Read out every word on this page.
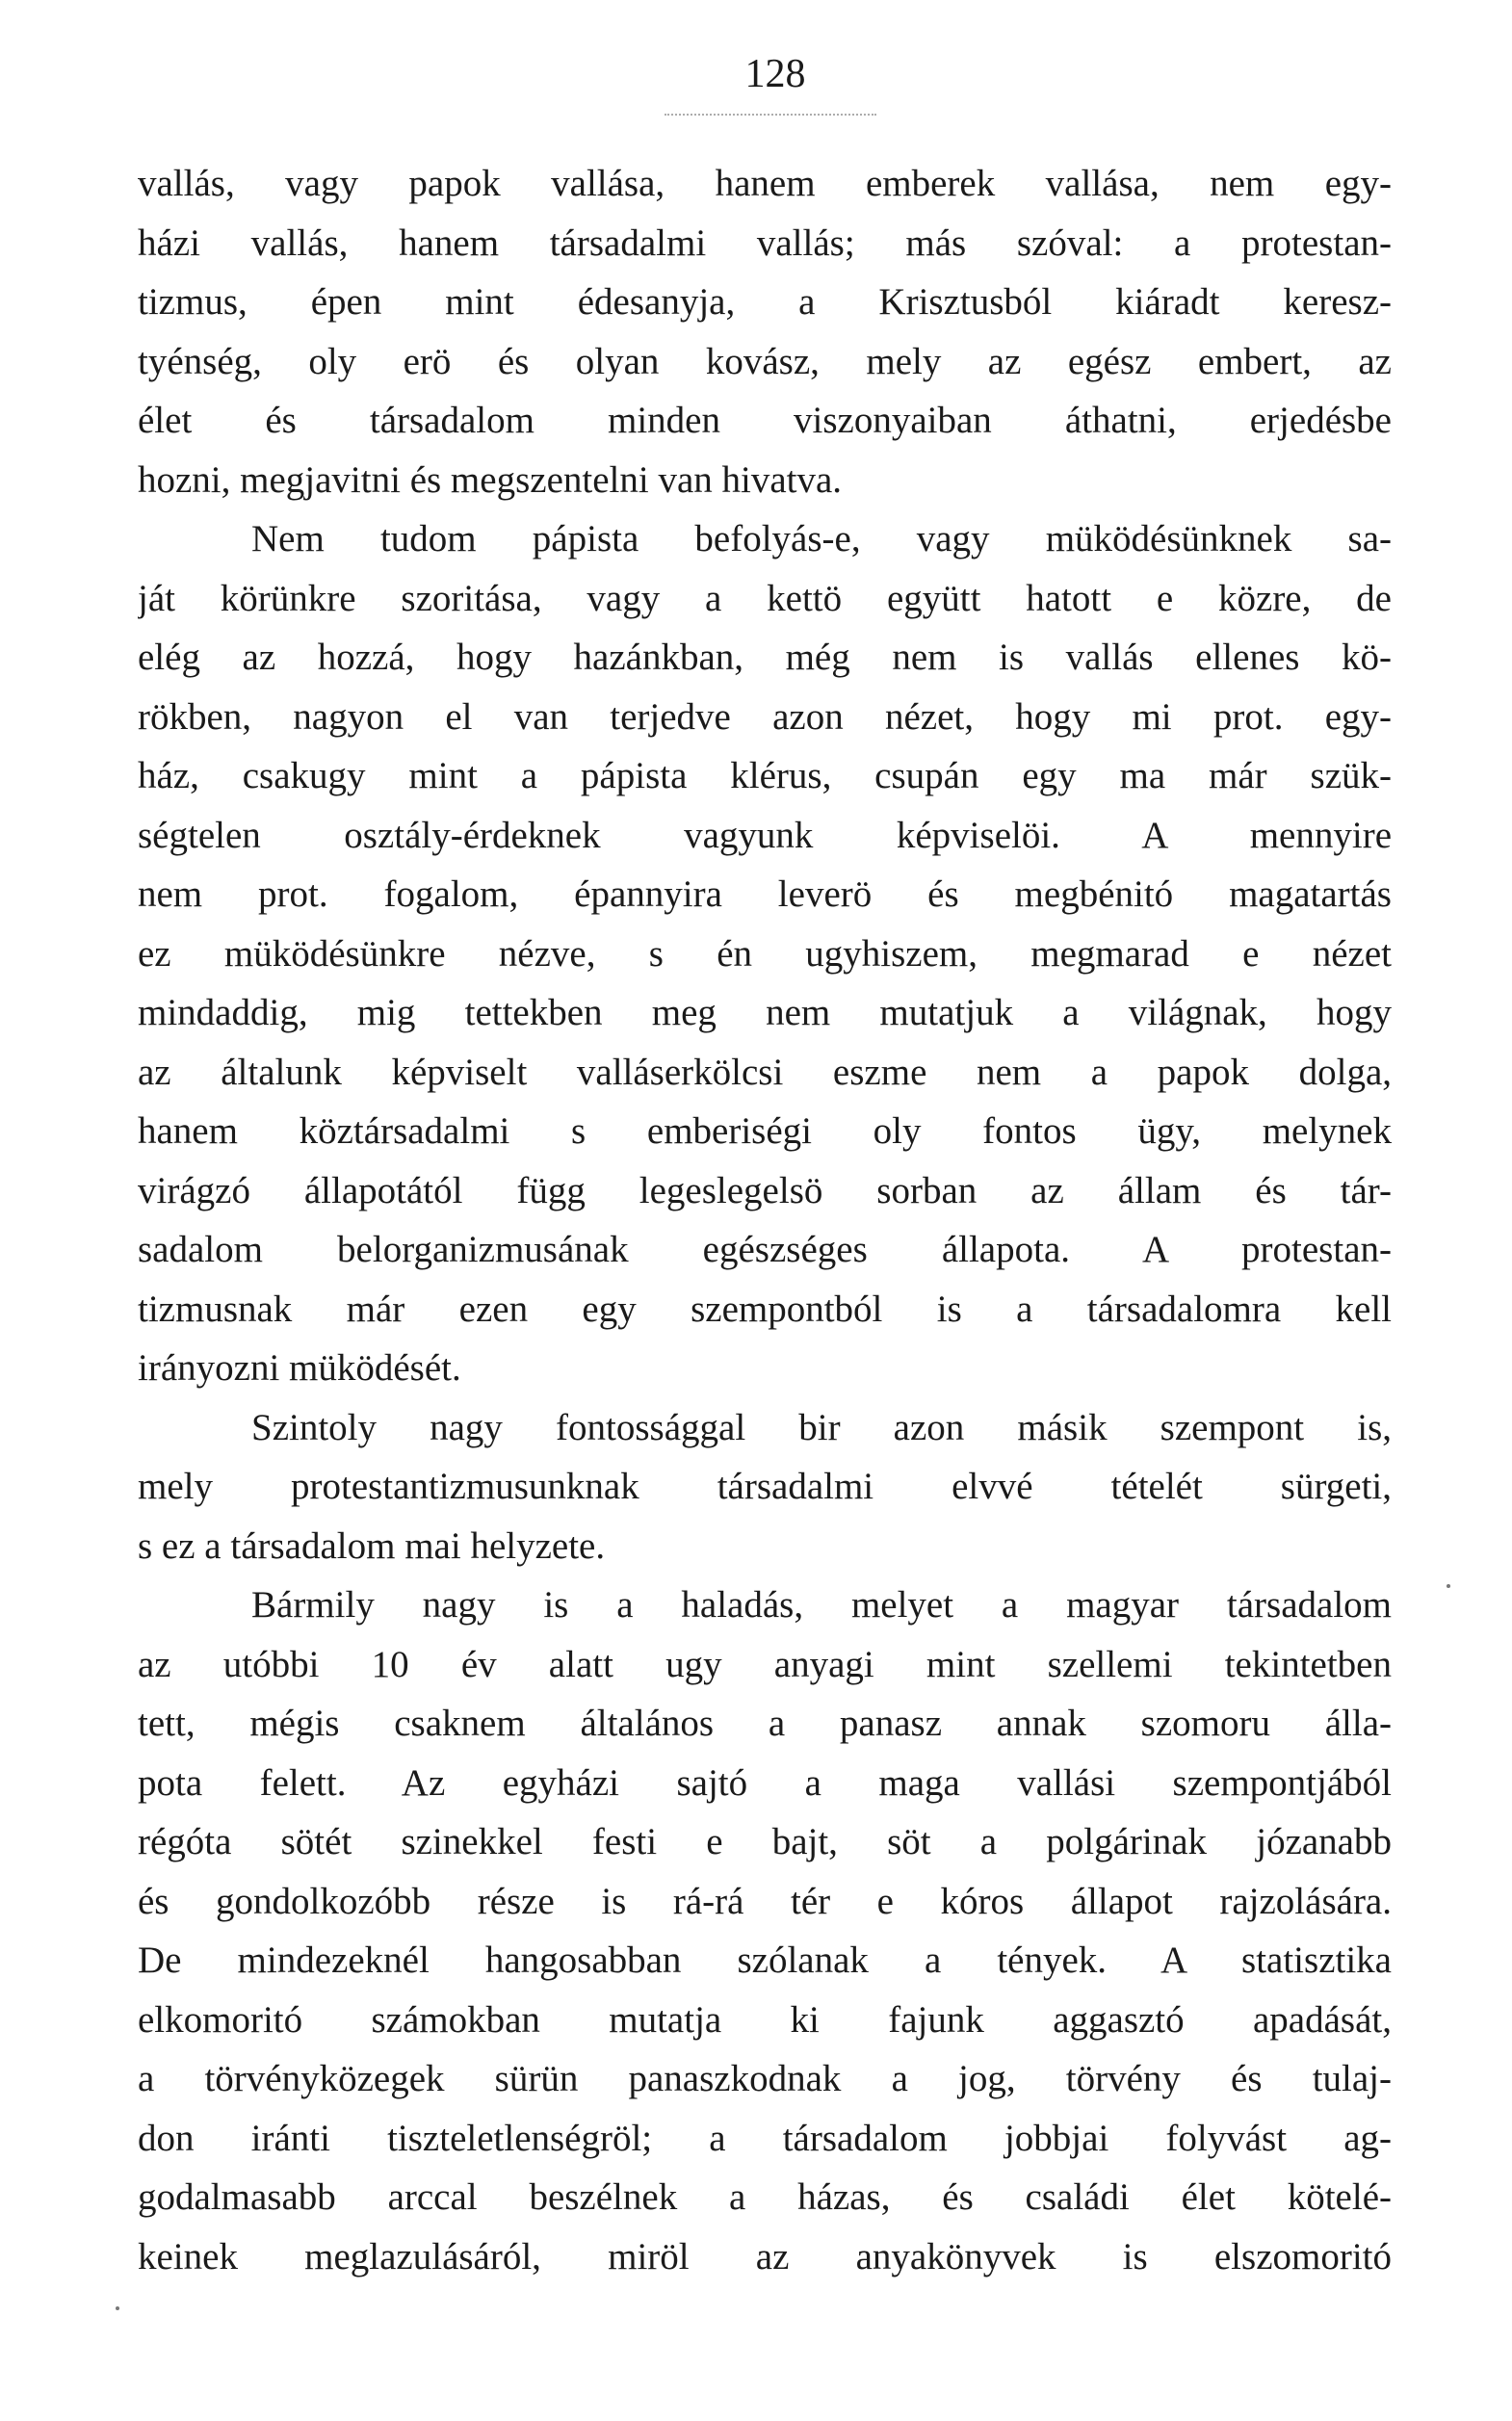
128
vallás, vagy papok vallása, hanem emberek vallása, nem egy-
házi vallás, hanem társadalmi vallás; más szóval: a protestan-
tizmus, épen mint édesanyja, a Krisztusból kiáradt keresz-
tyénség, oly erö és olyan kovász, mely az egész embert, az
élet és társadalom minden viszonyaiban áthatni, erjedésbe
hozni, megjavitni és megszentelni van hivatva.
Nem tudom pápista befolyás-e, vagy müködésünknek sa-
ját körünkre szoritása, vagy a kettö együtt hatott e közre, de
elég az hozzá, hogy hazánkban, még nem is vallás ellenes kö-
rökben, nagyon el van terjedve azon nézet, hogy mi prot. egy-
ház, csakugy mint a pápista klérus, csupán egy ma már szük-
ségtelen osztály-érdeknek vagyunk képviselöi. A mennyire
nem prot. fogalom, épannyira leverö és megbénitó magatartás
ez müködésünkre nézve, s én ugyhiszem, megmarad e nézet
mindaddig, mig tettekben meg nem mutatjuk a világnak, hogy
az általunk képviselt valláserkölcsi eszme nem a papok dolga,
hanem köztársadalmi s emberiségi oly fontos ügy, melynek
virágzó állapotától függ legeslegelsö sorban az állam és tár-
sadalom belorganizmusának egészséges állapota. A protestan-
tizmusnak már ezen egy szempontból is a társadalomra kell
irányozni müködését.
Szintoly nagy fontossággal bir azon másik szempont is,
mely protestantizmusunknak társadalmi elvvé tételét sürgeti,
s ez a társadalom mai helyzete.
Bármily nagy is a haladás, melyet a magyar társadalom
az utóbbi 10 év alatt ugy anyagi mint szellemi tekintetben
tett, mégis csaknem általános a panasz annak szomoru álla-
pota felett. Az egyházi sajtó a maga vallási szempontjából
régóta sötét szinekkel festi e bajt, söt a polgárinak józanabb
és gondolkozóbb része is rá-rá tér e kóros állapot rajzolására.
De mindezeknél hangosabban szólanak a tények. A statisztika
elkomoritó számokban mutatja ki fajunk aggasztó apadását,
a törvényközegek sürün panaszkodnak a jog, törvény és tulaj-
don iránti tiszteletlenségröl; a társadalom jobbjai folyvást ag-
godalmasabb arccal beszélnek a házas, és családi élet kötelé-
keinek meglazulásáról, miröl az anyakönyvek is elszomoritó
